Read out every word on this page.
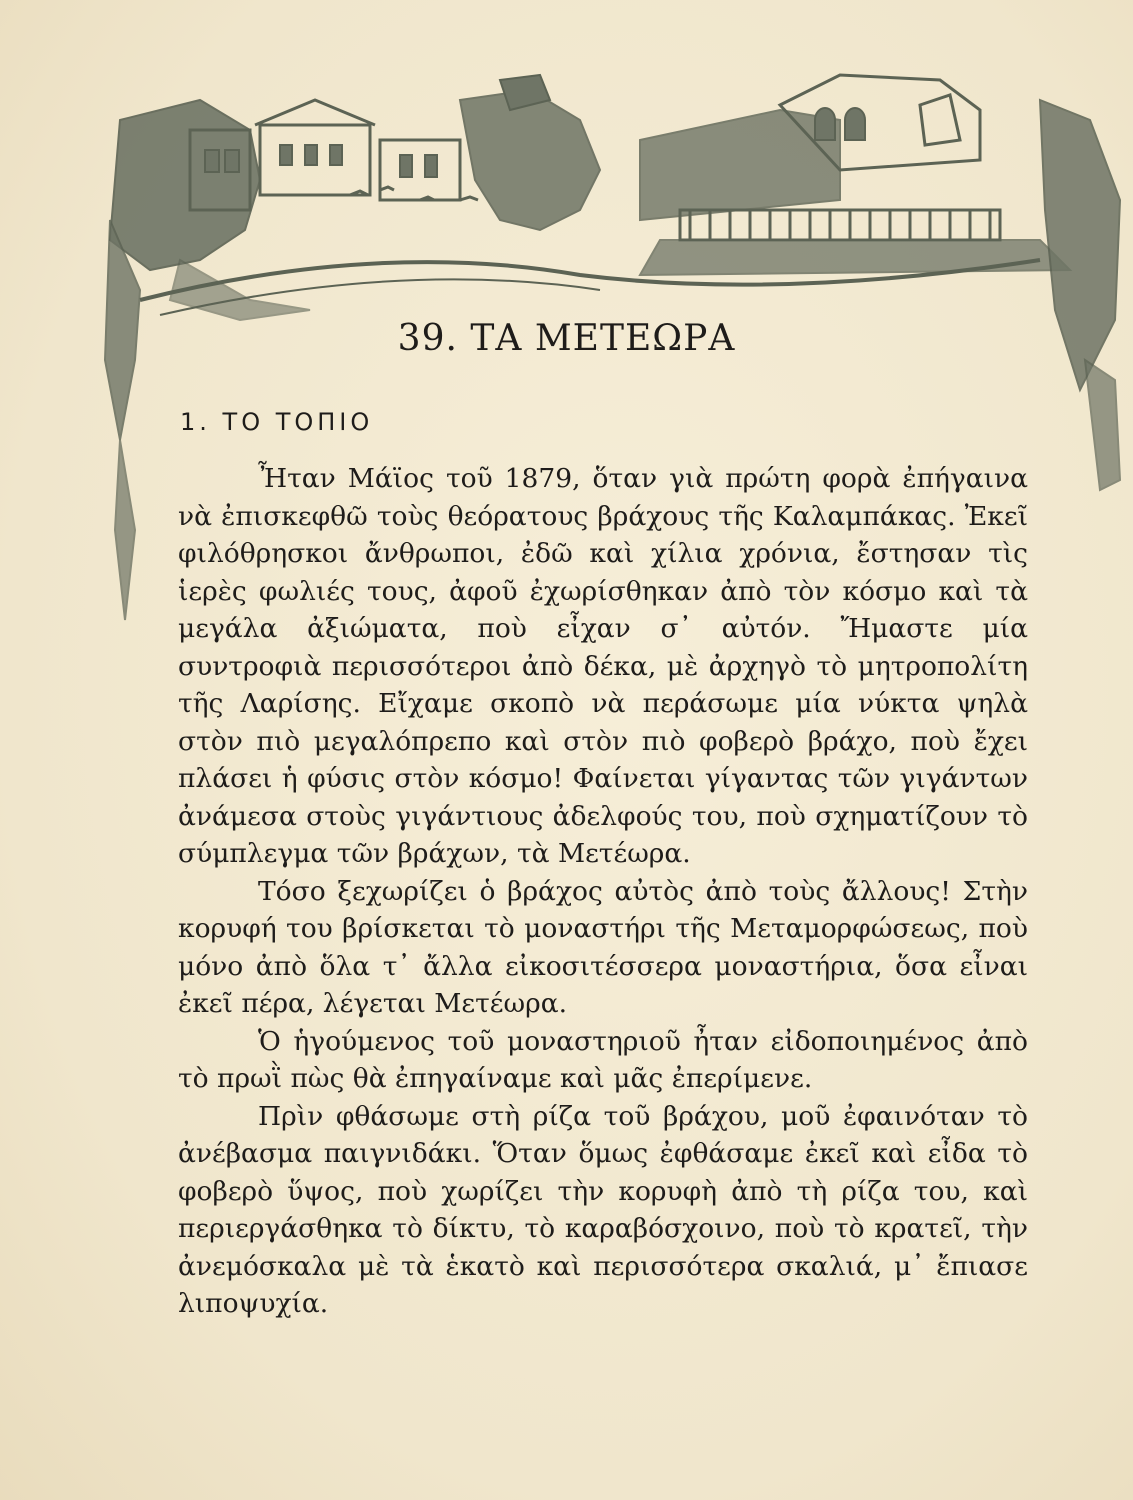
39. ΤΑ ΜΕΤΕΩΡΑ
1. ΤΟ ΤΟΠΙΟ

Ἦταν Μάϊος τοῦ 1879, ὅταν γιὰ πρώτη φορὰ ἐπήγαινα νὰ ἐπισκεφθῶ τοὺς θεόρατους βράχους τῆς Καλαμπάκας. Ἐκεῖ φιλόθρησκοι ἄνθρωποι, ἐδῶ καὶ χίλια χρόνια, ἔστησαν τὶς ἱερὲς φωλιές τους, ἀφοῦ ἐχωρίσθηκαν ἀπὸ τὸν κόσμο καὶ τὰ μεγάλα ἀξιώματα, ποὺ εἶχαν σ᾽ αὐτόν. Ἤμαστε μία συντροφιὰ περισσότεροι ἀπὸ δέκα, μὲ ἀρχηγὸ τὸ μητροπολίτη τῆς Λαρίσης. Εἴχαμε σκοπὸ νὰ περάσωμε μία νύκτα ψηλὰ στὸν πιὸ μεγαλόπρεπο καὶ στὸν πιὸ φοβερὸ βράχο, ποὺ ἔχει πλάσει ἡ φύσις στὸν κόσμο! Φαίνεται γίγαντας τῶν γιγάντων ἀνάμεσα στοὺς γιγάντιους ἀδελφούς του, ποὺ σχηματίζουν τὸ σύμπλεγμα τῶν βράχων, τὰ Μετέωρα.

Τόσο ξεχωρίζει ὁ βράχος αὐτὸς ἀπὸ τοὺς ἄλλους! Στὴν κορυφή του βρίσκεται τὸ μοναστήρι τῆς Μεταμορφώσεως, ποὺ μόνο ἀπὸ ὅλα τ᾽ ἄλλα εἰκοσιτέσσερα μοναστήρια, ὅσα εἶναι ἐκεῖ πέρα, λέγεται Μετέωρα.

Ὁ ἡγούμενος τοῦ μοναστηριοῦ ἦταν εἰδοποιημένος ἀπὸ τὸ πρωῒ πὼς θὰ ἐπηγαίναμε καὶ μᾶς ἐπερίμενε.

Πρὶν φθάσωμε στὴ ρίζα τοῦ βράχου, μοῦ ἐφαινόταν τὸ ἀνέβασμα παιγνιδάκι. Ὅταν ὅμως ἐφθάσαμε ἐκεῖ καὶ εἶδα τὸ φοβερὸ ὕψος, ποὺ χωρίζει τὴν κορυφὴ ἀπὸ τὴ ρίζα του, καὶ περιεργάσθηκα τὸ δίκτυ, τὸ καραβόσχοινο, ποὺ τὸ κρατεῖ, τὴν ἀνεμόσκαλα μὲ τὰ ἑκατὸ καὶ περισσότερα σκαλιά, μ᾽ ἔπιασε λιποψυχία.
